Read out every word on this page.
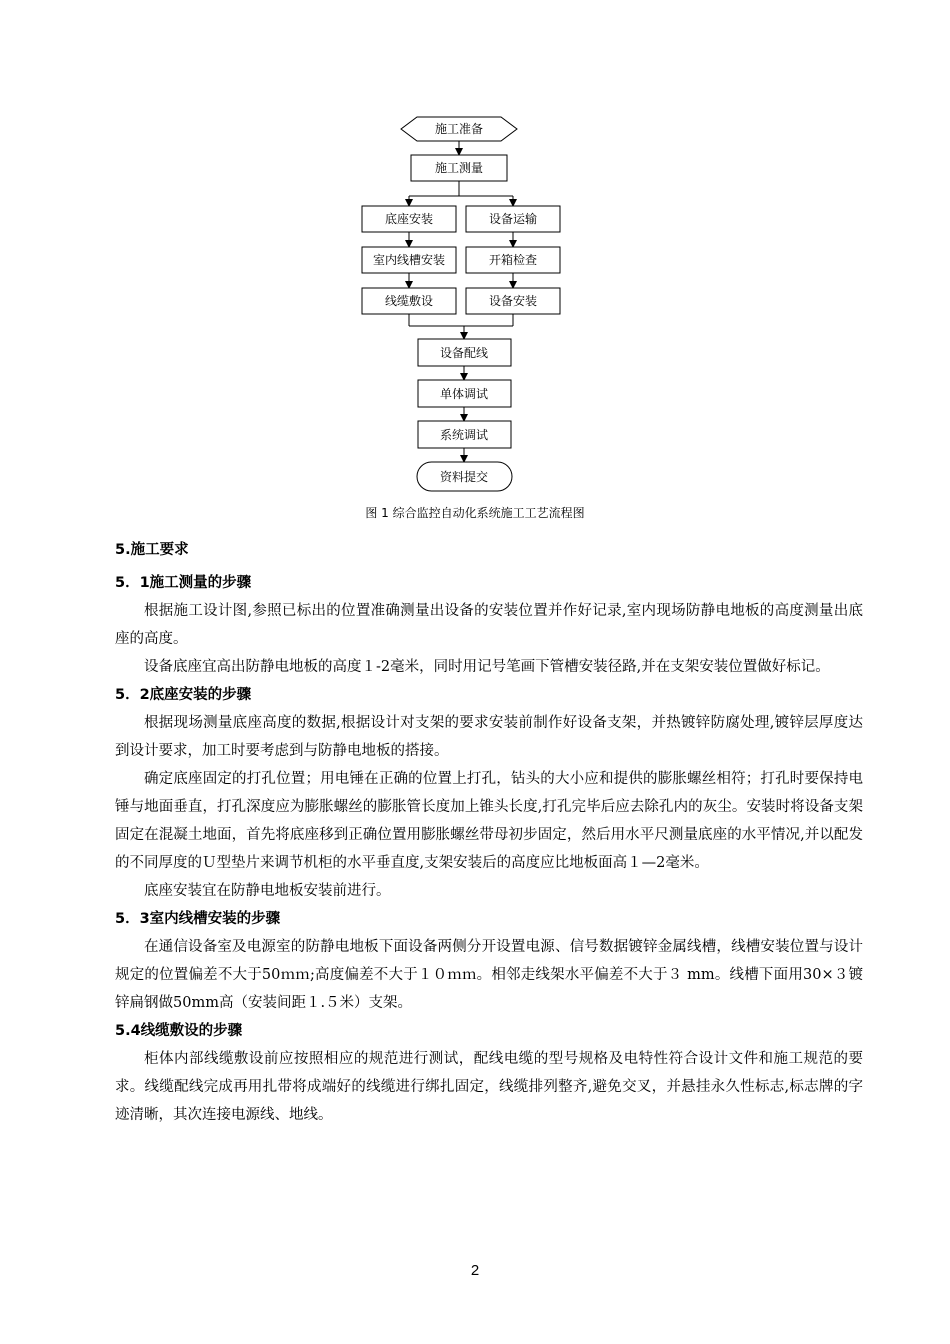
施工准备
施工测量
底座安装
室内线槽安装
线缆敷设
设备运输
开箱检查
设备安装
设备配线
单体调试
系统调试
资料提交
图 1 综合监控自动化系统施工工艺流程图
5.施工要求
5．1施工测量的步骤

根据施工设计图,参照已标出的位置准确测量出设备的安装位置并作好记录,室内现场防静电地板的高度测量出底座的高度。

设备底座宜高出防静电地板的高度１-2毫米，同时用记号笔画下管槽安装径路,并在支架安装位置做好标记。

5．2底座安装的步骤

根据现场测量底座高度的数据,根据设计对支架的要求安装前制作好设备支架，并热镀锌防腐处理,镀锌层厚度达到设计要求，加工时要考虑到与防静电地板的搭接。

确定底座固定的打孔位置；用电锤在正确的位置上打孔，钻头的大小应和提供的膨胀螺丝相符；打孔时要保持电锤与地面垂直，打孔深度应为膨胀螺丝的膨胀管长度加上锥头长度,打孔完毕后应去除孔内的灰尘。安装时将设备支架固定在混凝土地面，首先将底座移到正确位置用膨胀螺丝带母初步固定，然后用水平尺测量底座的水平情况,并以配发的不同厚度的Ｕ型垫片来调节机柜的水平垂直度,支架安装后的高度应比地板面高１—2毫米。

底座安装宜在防静电地板安装前进行。

5．3室内线槽安装的步骤

在通信设备室及电源室的防静电地板下面设备两侧分开设置电源、信号数据镀锌金属线槽，线槽安装位置与设计规定的位置偏差不大于50ｍｍ;高度偏差不大于１０ｍｍ。相邻走线架水平偏差不大于３ mm。线槽下面用30×３镀锌扁钢做50mm高（安装间距１.５米）支架。

5.4线缆敷设的步骤

柜体内部线缆敷设前应按照相应的规范进行测试，配线电缆的型号规格及电特性符合设计文件和施工规范的要求。线缆配线完成再用扎带将成端好的线缆进行绑扎固定，线缆排列整齐,避免交叉，并悬挂永久性标志,标志牌的字迹清晰，其次连接电源线、地线。

2
